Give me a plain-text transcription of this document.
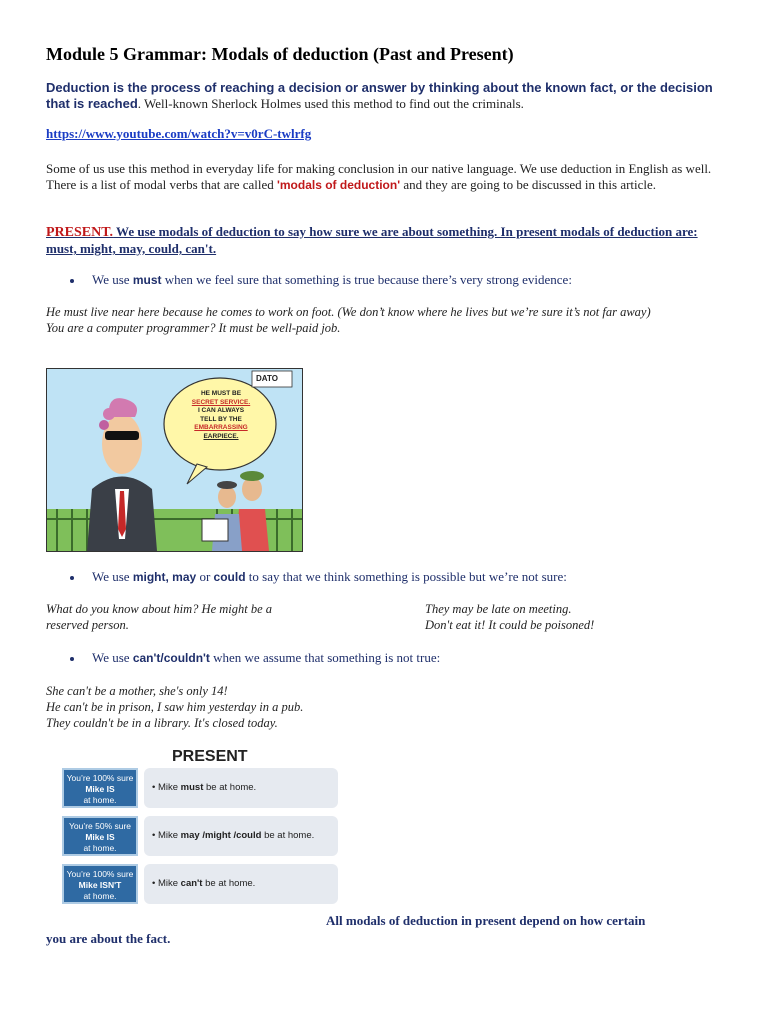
Module 5 Grammar: Modals of deduction (Past and Present)
Deduction is the process of reaching a decision or answer by thinking about the known fact, or the decision that is reached. Well-known Sherlock Holmes used this method to find out the criminals.
https://www.youtube.com/watch?v=v0rC-twlrfg
Some of us use this method in everyday life for making conclusion in our native language. We use deduction in English as well. There is a list of modal verbs that are called 'modals of deduction' and they are going to be discussed in this article.
PRESENT. We use modals of deduction to say how sure we are about something. In present modals of deduction are: must, might, may, could, can't.
We use must when we feel sure that something is true because there’s very strong evidence:
He must live near here because he comes to work on foot. (We don’t know where he lives but we’re sure it’s not far away)
You are a computer programmer? It must be well-paid job.
HE MUST BE
SECRET SERVICE.
I CAN ALWAYS
TELL BY THE
EMBARRASSING
EARPIECE.
DATO
We use might, may or could to say that we think something is possible but we’re not sure:
What do you know about him? He might be a
reserved person.
They may be late on meeting.
Don't eat it! It could be poisoned!
We use can't/couldn't when we assume that something is not true:
She can't be a mother, she's only 14!
He can't be in prison, I saw him yesterday in a pub.
They couldn't be in a library. It's closed today.
PRESENT
You’re 100% sure
Mike IS
at home.
• Mike must be at home.
You’re 50% sure
Mike IS
at home.
• Mike may /might /could be at home.
You’re 100% sure
Mike ISN'T
at home.
• Mike can't be at home.
All modals of deduction in present depend on how certain
you are about the fact.
